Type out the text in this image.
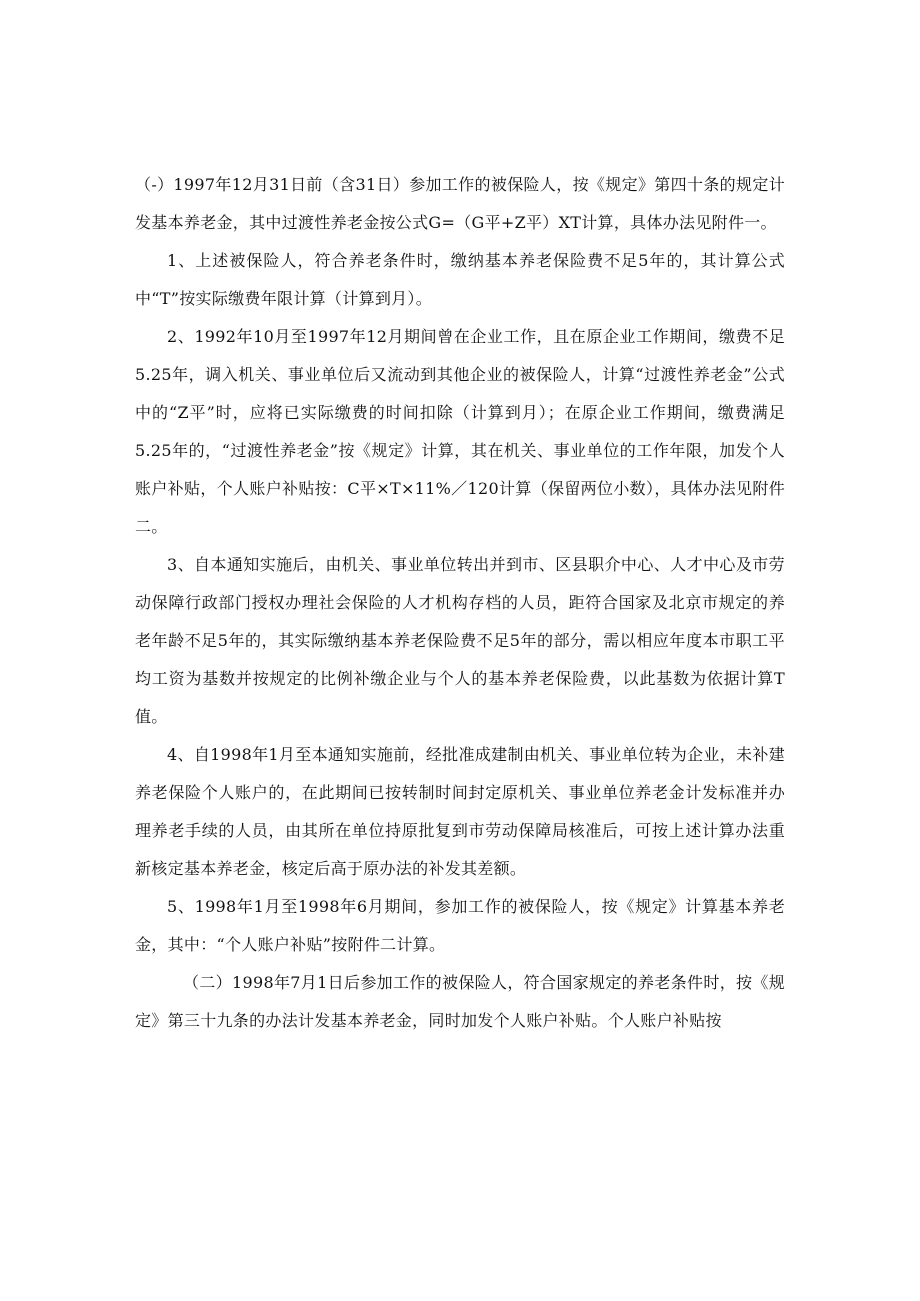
（-）1997年12月31日前（含31日）参加工作的被保险人，按《规定》第四十条的规定计发基本养老金，其中过渡性养老金按公式G=（G平+Z平）XT计算，具体办法见附件一。

1、上述被保险人，符合养老条件时，缴纳基本养老保险费不足5年的，其计算公式中“T”按实际缴费年限计算（计算到月）。

2、1992年10月至1997年12月期间曾在企业工作，且在原企业工作期间，缴费不足5.25年，调入机关、事业单位后又流动到其他企业的被保险人，计算“过渡性养老金”公式中的“Z平”时，应将已实际缴费的时间扣除（计算到月）；在原企业工作期间，缴费满足5.25年的，“过渡性养老金”按《规定》计算，其在机关、事业单位的工作年限，加发个人账户补贴，个人账户补贴按：C平×T×11%／120计算（保留两位小数），具体办法见附件二。

3、自本通知实施后，由机关、事业单位转出并到市、区县职介中心、人才中心及市劳动保障行政部门授权办理社会保险的人才机构存档的人员，距符合国家及北京市规定的养老年龄不足5年的，其实际缴纳基本养老保险费不足5年的部分，需以相应年度本市职工平均工资为基数并按规定的比例补缴企业与个人的基本养老保险费，以此基数为依据计算T值。

4、自1998年1月至本通知实施前，经批准成建制由机关、事业单位转为企业，未补建养老保险个人账户的，在此期间已按转制时间封定原机关、事业单位养老金计发标准并办理养老手续的人员，由其所在单位持原批复到市劳动保障局核准后，可按上述计算办法重新核定基本养老金，核定后高于原办法的补发其差额。

5、1998年1月至1998年6月期间，参加工作的被保险人，按《规定》计算基本养老金，其中：“个人账户补贴”按附件二计算。

（二）1998年7月1日后参加工作的被保险人，符合国家规定的养老条件时，按《规定》第三十九条的办法计发基本养老金，同时加发个人账户补贴。个人账户补贴按
